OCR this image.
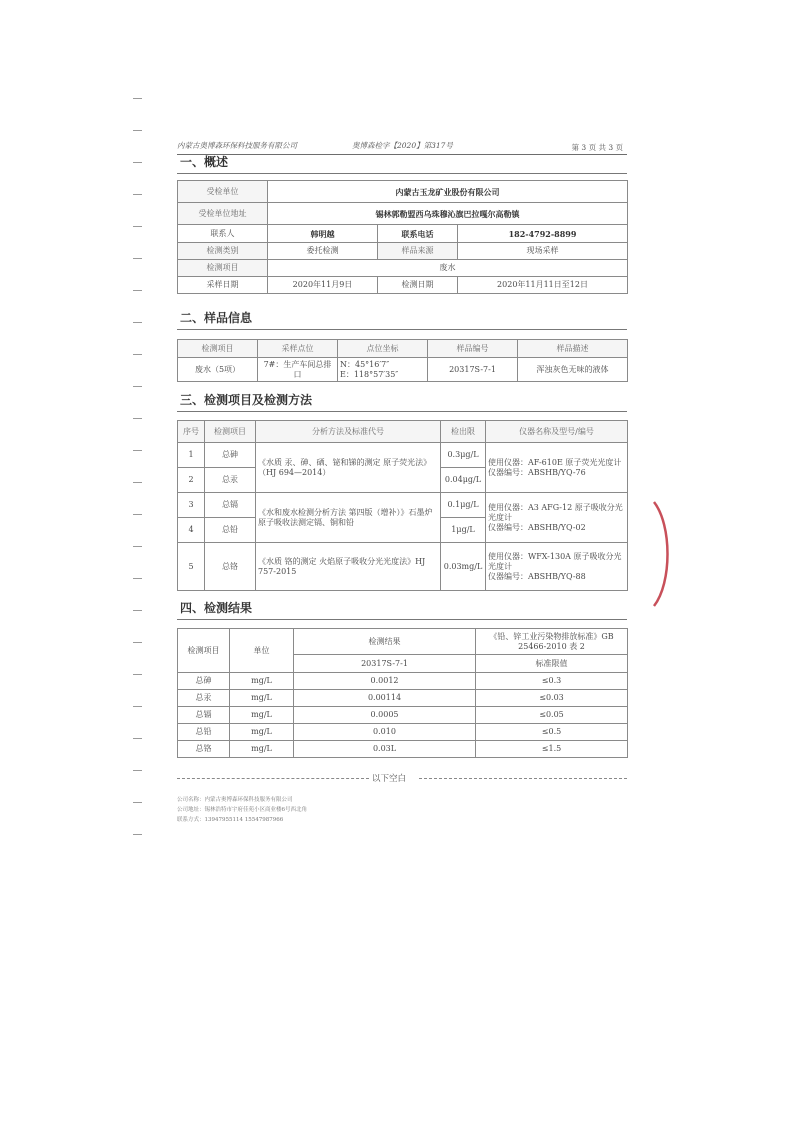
内蒙古奥博森环保科技服务有限公司	奥博森检字【2020】第317号	第 3 页 共 3 页
一、概述
受检单位	内蒙古玉龙矿业股份有限公司		
受检单位地址	锡林郭勒盟西乌珠穆沁旗巴拉嘎尔高勒镇		
联系人	韩明越	联系电话	182-4792-8899
检测类别	委托检测	样品来源	现场采样
检测项目	废水		
采样日期	2020年11月9日	检测日期	2020年11月11日至12日
二、样品信息
检测项目	采样点位	点位坐标	样品编号	样品描述
废水（5项）	7#：生产车间总排口	N：45°16′7″
E：118°57′35″	20317S-7-1	浑浊灰色无味的液体
三、检测项目及检测方法
序号	检测项目	分析方法及标准代号	检出限	仪器名称及型号/编号
1	总砷	《水质 汞、砷、硒、铋和锑的测定 原子荧光法》（HJ 694—2014）	0.3μg/L	使用仪器：AF-610E 原子荧光光度计
仪器编号：ABSHB/YQ-76

2	总汞		0.04μg/L	
3	总镉	《水和废水检测分析方法 第四版（增补）》石墨炉原子吸收法测定镉、铜和铅	0.1μg/L	使用仪器：A3 AFG-12 原子吸收分光光度计
仪器编号：ABSHB/YQ-02

4	总铅		1μg/L	
5	总铬	《水质 铬的测定 火焰原子吸收分光光度法》HJ 757-2015	0.03mg/L	使用仪器：WFX-130A 原子吸收分光光度计
仪器编号：ABSHB/YQ-88
四、检测结果
检测项目	单位	检测结果	《铅、锌工业污染物排放标准》GB 25466-2010 表 2
		20317S-7-1	标准限值
总砷	mg/L	0.0012	≤0.3
总汞	mg/L	0.00114	≤0.03
总镉	mg/L	0.0005	≤0.05
总铅	mg/L	0.010	≤0.5
总铬	mg/L	0.03L	≤1.5
以下空白
公司名称：内蒙古奥博森环保科技服务有限公司
公司地址：锡林浩特市宇府佳苑小区商业楼6号西北角
联系方式：13947955114 15547987966
